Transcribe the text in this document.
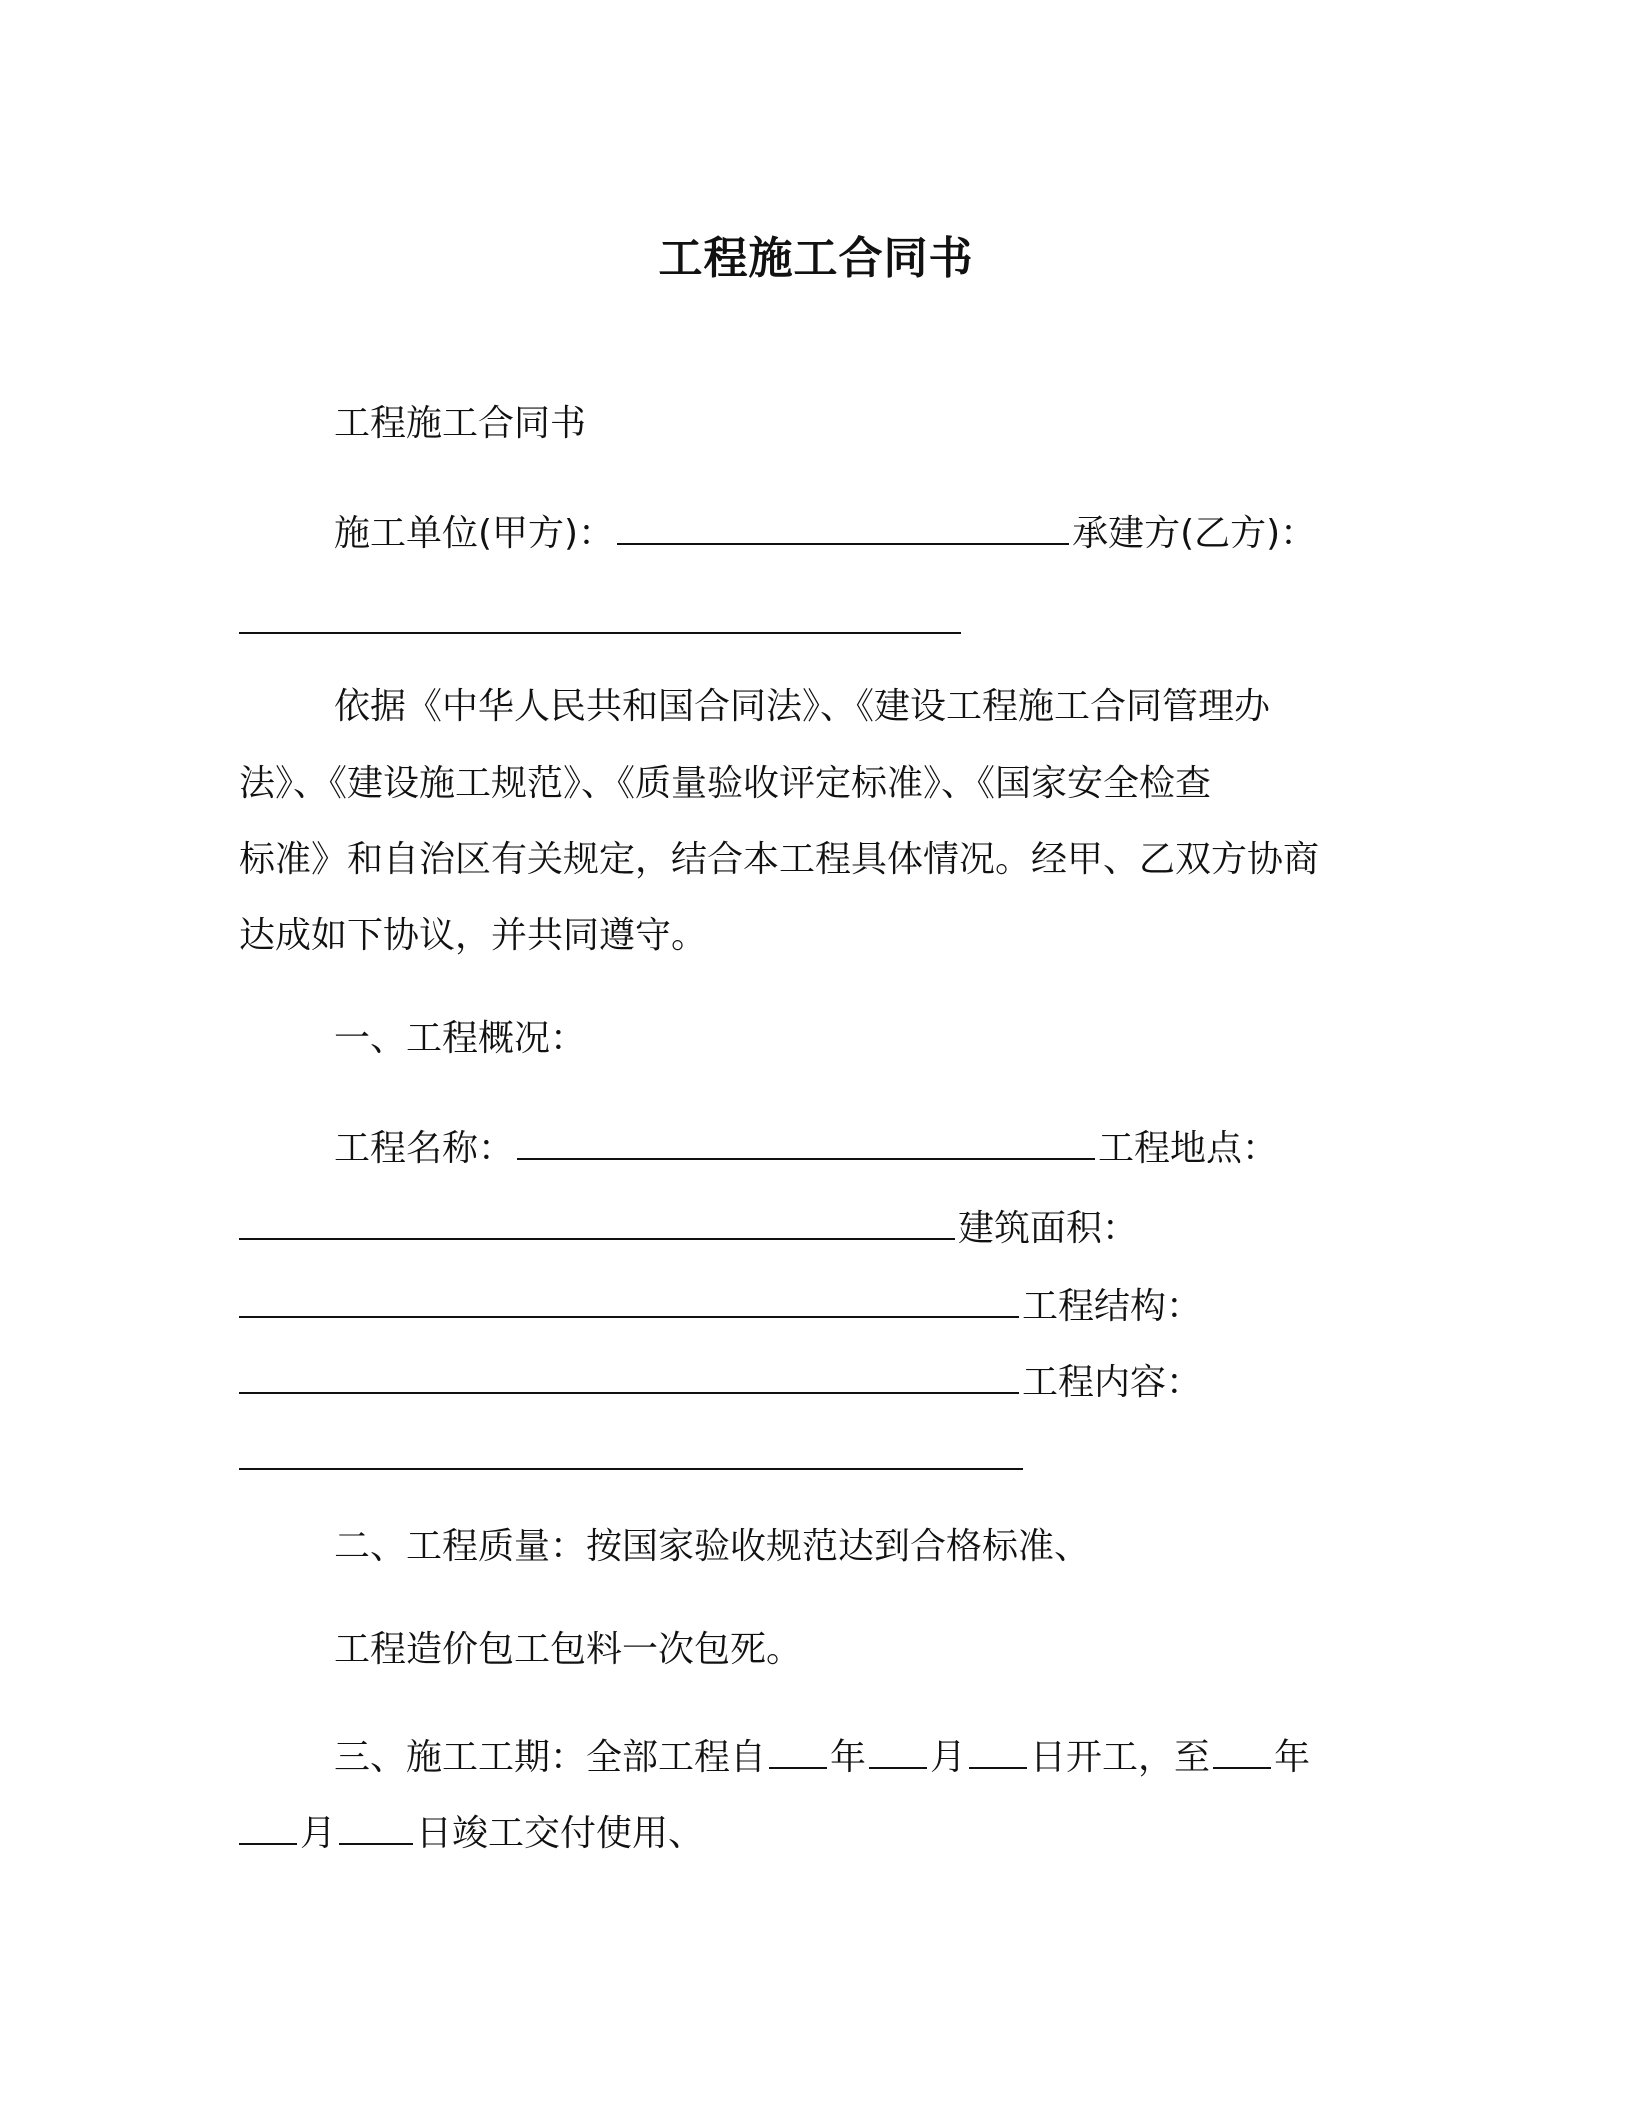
工程施工合同书
工程施工合同书
施工单位(甲方)：	承建方(乙方)：
依据《中华人民共和国合同法》、《建设工程施工合同管理办
法》、《建设施工规范》、《质量验收评定标准》、《国家安全检查
标准》和自治区有关规定，结合本工程具体情况。经甲、乙双方协商
达成如下协议，并共同遵守。
一、工程概况：
工程名称：	工程地点：
建筑面积：
工程结构：
工程内容：
二、工程质量：按国家验收规范达到合格标准、
工程造价包工包料一次包死。
三、施工工期：全部工程自 年 月 日开工，至 年
月 日竣工交付使用、
